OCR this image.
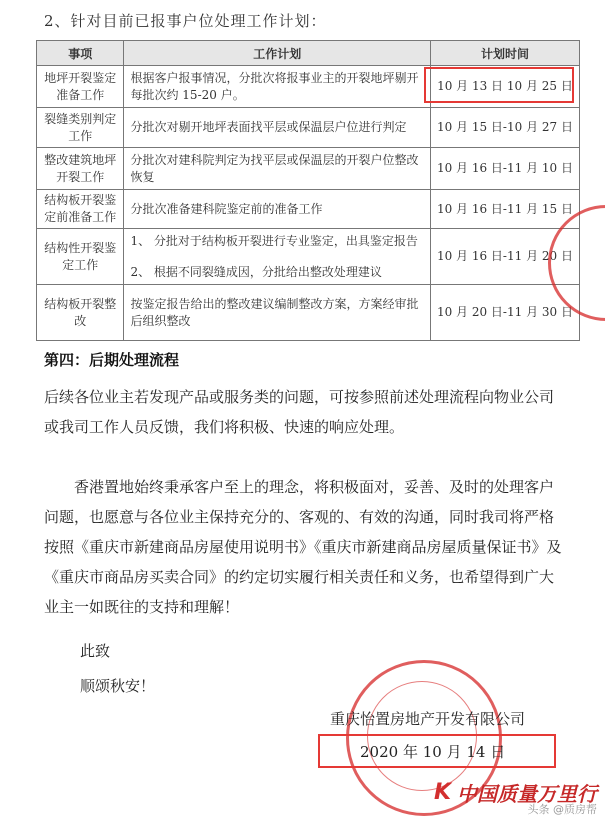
2、针对目前已报事户位处理工作计划：
事项	工作计划	计划时间
地坪开裂鉴定准备工作	根据客户报事情况，分批次将报事业主的开裂地坪剔开每批次约 15-20 户。	10 月 13 日 10 月 25 日
裂缝类别判定工作	分批次对剔开地坪表面找平层或保温层户位进行判定	10 月 15 日-10 月 27 日
整改建筑地坪开裂工作	分批次对建科院判定为找平层或保温层的开裂户位整改恢复	10 月 16 日-11 月 10 日
结构板开裂鉴定前准备工作	分批次准备建科院鉴定前的准备工作	10 月 16 日-11 月 15 日
结构性开裂鉴定工作	1、 分批对于结构板开裂进行专业鉴定，出具鉴定报告
2、 根据不同裂缝成因，分批给出整改处理建议	10 月 16 日-11 月 20 日
结构板开裂整改	按鉴定报告给出的整改建议编制整改方案，方案经审批后组织整改	10 月 20 日-11 月 30 日
第四：后期处理流程

后续各位业主若发现产品或服务类的问题，可按参照前述处理流程向物业公司或我司工作人员反馈，我们将积极、快速的响应处理。

香港置地始终秉承客户至上的理念，将积极面对，妥善、及时的处理客户问题，也愿意与各位业主保持充分的、客观的、有效的沟通，同时我司将严格按照《重庆市新建商品房屋使用说明书》《重庆市新建商品房屋质量保证书》及《重庆市商品房买卖合同》的约定切实履行相关责任和义务，也希望得到广大业主一如既往的支持和理解！

此致
顺颂秋安！
重庆怡置房地产开发有限公司
2020 年 10 月 14 日
K 中国质量万里行
头条 @质房帮
